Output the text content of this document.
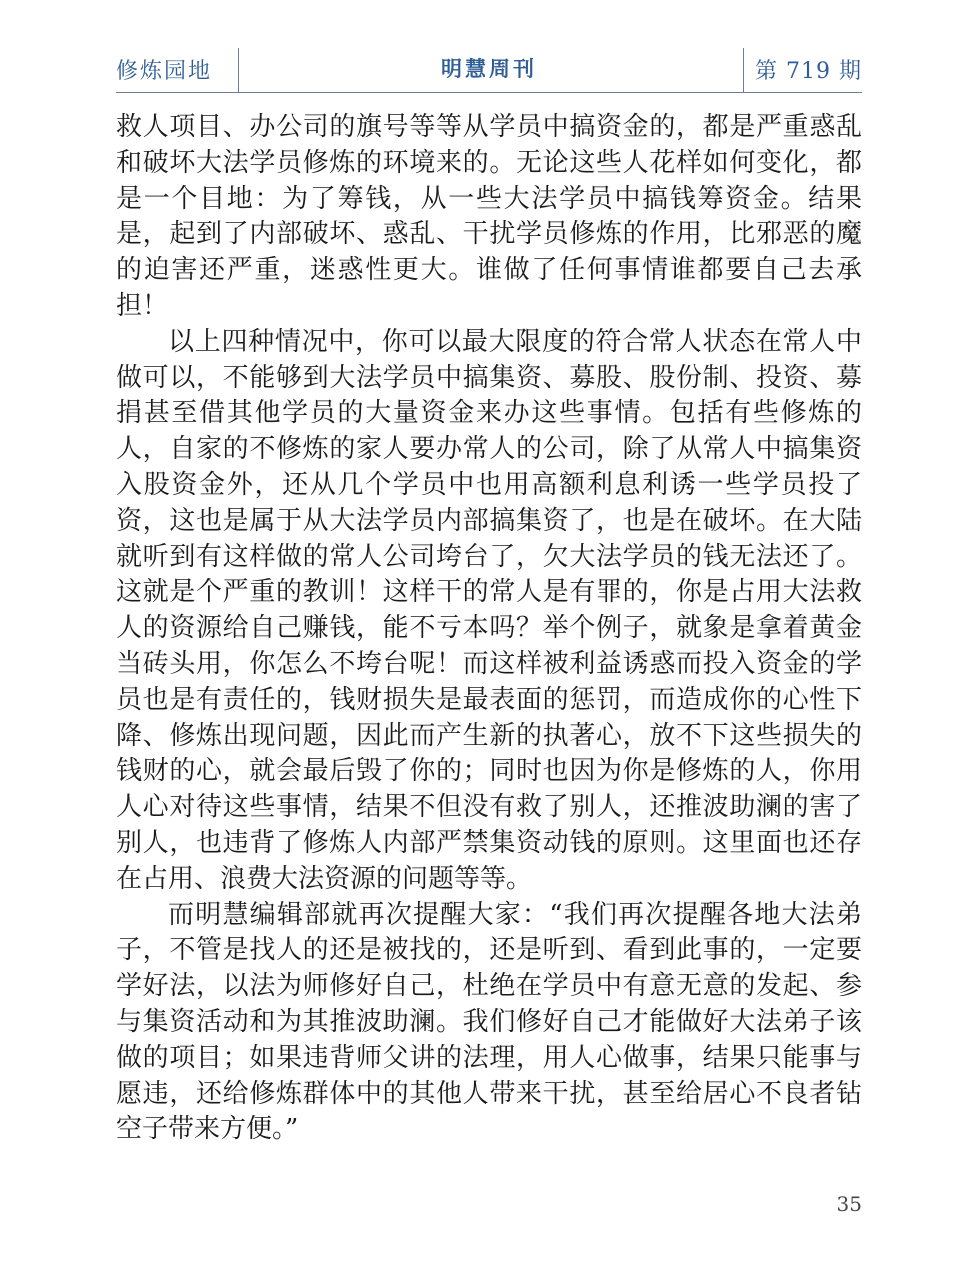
修炼园地	明慧周刊	第 719 期

救人项目、办公司的旗号等等从学员中搞资金的，都是严重惑乱和破坏大法学员修炼的环境来的。无论这些人花样如何变化，都是一个目地：为了筹钱，从一些大法学员中搞钱筹资金。结果是，起到了内部破坏、惑乱、干扰学员修炼的作用，比邪恶的魔的迫害还严重，迷惑性更大。谁做了任何事情谁都要自己去承担！

以上四种情况中，你可以最大限度的符合常人状态在常人中做可以，不能够到大法学员中搞集资、募股、股份制、投资、募捐甚至借其他学员的大量资金来办这些事情。包括有些修炼的人，自家的不修炼的家人要办常人的公司，除了从常人中搞集资入股资金外，还从几个学员中也用高额利息利诱一些学员投了资，这也是属于从大法学员内部搞集资了，也是在破坏。在大陆就听到有这样做的常人公司垮台了，欠大法学员的钱无法还了。这就是个严重的教训！这样干的常人是有罪的，你是占用大法救人的资源给自己赚钱，能不亏本吗？举个例子，就象是拿着黄金当砖头用，你怎么不垮台呢！而这样被利益诱惑而投入资金的学员也是有责任的，钱财损失是最表面的惩罚，而造成你的心性下降、修炼出现问题，因此而产生新的执著心，放不下这些损失的钱财的心，就会最后毁了你的；同时也因为你是修炼的人，你用人心对待这些事情，结果不但没有救了别人，还推波助澜的害了别人，也违背了修炼人内部严禁集资动钱的原则。这里面也还存在占用、浪费大法资源的问题等等。

而明慧编辑部就再次提醒大家：“我们再次提醒各地大法弟子，不管是找人的还是被找的，还是听到、看到此事的，一定要学好法，以法为师修好自己，杜绝在学员中有意无意的发起、参与集资活动和为其推波助澜。我们修好自己才能做好大法弟子该做的项目；如果违背师父讲的法理，用人心做事，结果只能事与愿违，还给修炼群体中的其他人带来干扰，甚至给居心不良者钻空子带来方便。”

35
